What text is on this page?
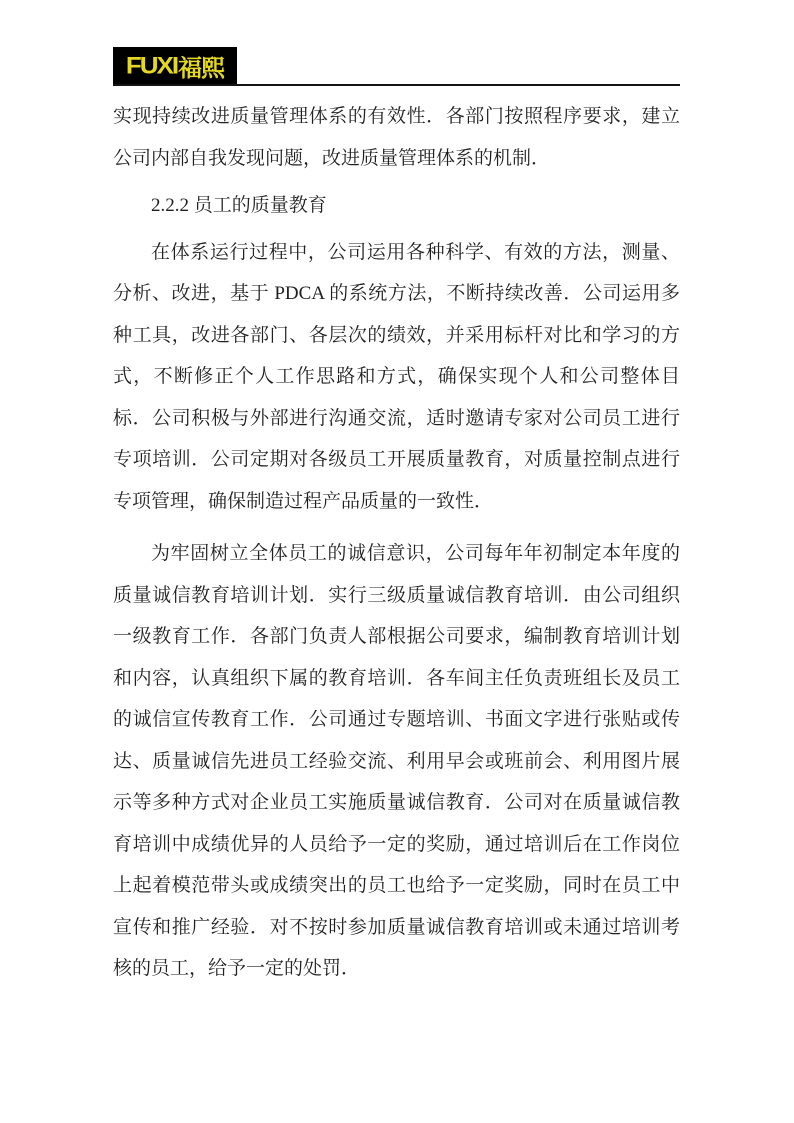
FUXI 福熙

实现持续改进质量管理体系的有效性．各部门按照程序要求，建立公司内部自我发现问题，改进质量管理体系的机制．

2.2.2 员工的质量教育

在体系运行过程中，公司运用各种科学、有效的方法，测量、分析、改进，基于 PDCA 的系统方法，不断持续改善．公司运用多种工具，改进各部门、各层次的绩效，并采用标杆对比和学习的方式，不断修正个人工作思路和方式，确保实现个人和公司整体目标．公司积极与外部进行沟通交流，适时邀请专家对公司员工进行专项培训．公司定期对各级员工开展质量教育，对质量控制点进行专项管理，确保制造过程产品质量的一致性．

为牢固树立全体员工的诚信意识，公司每年年初制定本年度的质量诚信教育培训计划．实行三级质量诚信教育培训．由公司组织一级教育工作．各部门负责人部根据公司要求，编制教育培训计划和内容，认真组织下属的教育培训．各车间主任负责班组长及员工的诚信宣传教育工作．公司通过专题培训、书面文字进行张贴或传达、质量诚信先进员工经验交流、利用早会或班前会、利用图片展示等多种方式对企业员工实施质量诚信教育．公司对在质量诚信教育培训中成绩优异的人员给予一定的奖励，通过培训后在工作岗位上起着模范带头或成绩突出的员工也给予一定奖励，同时在员工中宣传和推广经验．对不按时参加质量诚信教育培训或未通过培训考核的员工，给予一定的处罚．
